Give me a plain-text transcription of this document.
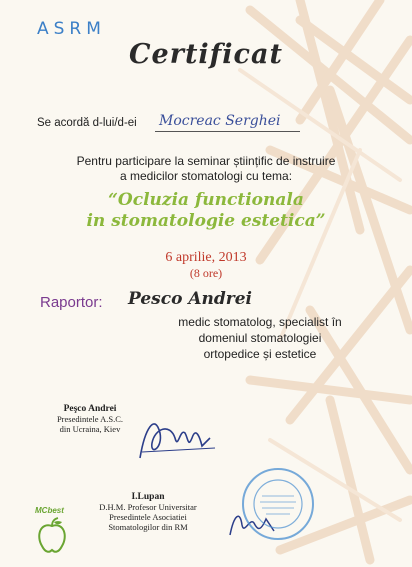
ASRM
Certificat
Se acordă d-lui/d-ei Mocreac Serghei
Pentru participare la seminar științific de instruire
a medicilor stomatologi cu tema:
“Ocluzia functionala
in stomatologie estetica”
6 aprilie, 2013
(8 ore)
Raportor: Pesco Andrei
medic stomatolog, specialist în
domeniul stomatologiei
ortopedice și estetice
Peşco Andrei
Presedintele A.S.C.
din Ucraina, Kiev
I.Lupan
D.H.M. Profesor Universitar
Presedintele Asociatiei
Stomatologilor din RM
MCbest
